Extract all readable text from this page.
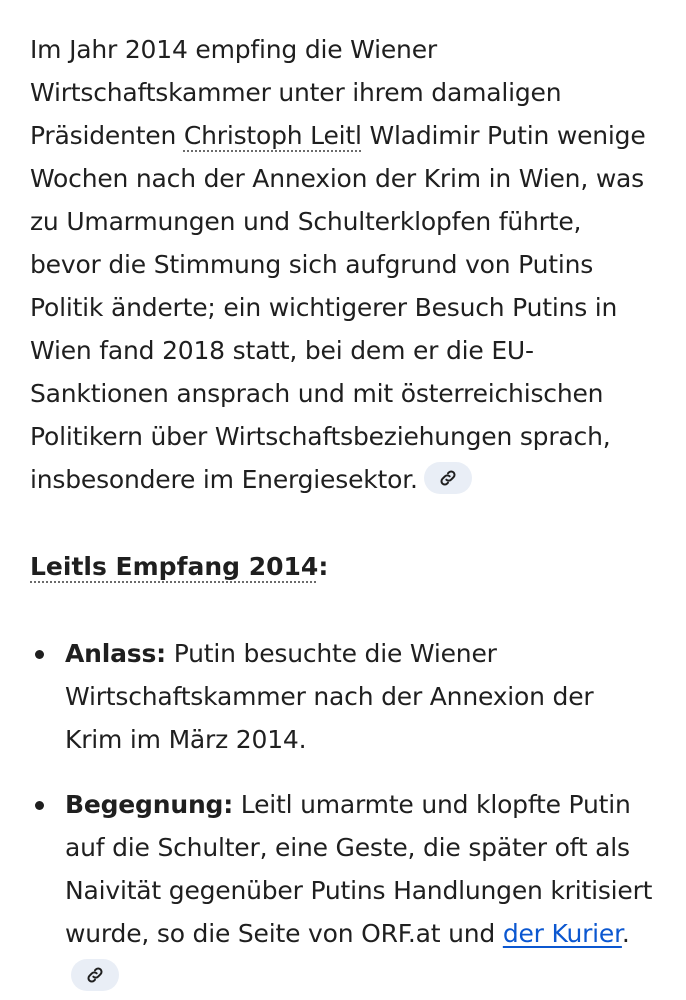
Im Jahr 2014 empfing die Wiener Wirtschaftskammer unter ihrem damaligen Präsidenten Christoph Leitl Wladimir Putin wenige Wochen nach der Annexion der Krim in Wien, was zu Umarmungen und Schulterklopfen führte, bevor die Stimmung sich aufgrund von Putins Politik änderte; ein wichtigerer Besuch Putins in Wien fand 2018 statt, bei dem er die EU-Sanktionen ansprach und mit österreichischen Politikern über Wirtschaftsbeziehungen sprach, insbesondere im Energiesektor.

Leitls Empfang 2014:
Anlass: Putin besuchte die Wiener Wirtschaftskammer nach der Annexion der Krim im März 2014.
Begegnung: Leitl umarmte und klopfte Putin auf die Schulter, eine Geste, die später oft als Naivität gegenüber Putins Handlungen kritisiert wurde, so die Seite von ORF.at und der Kurier.
